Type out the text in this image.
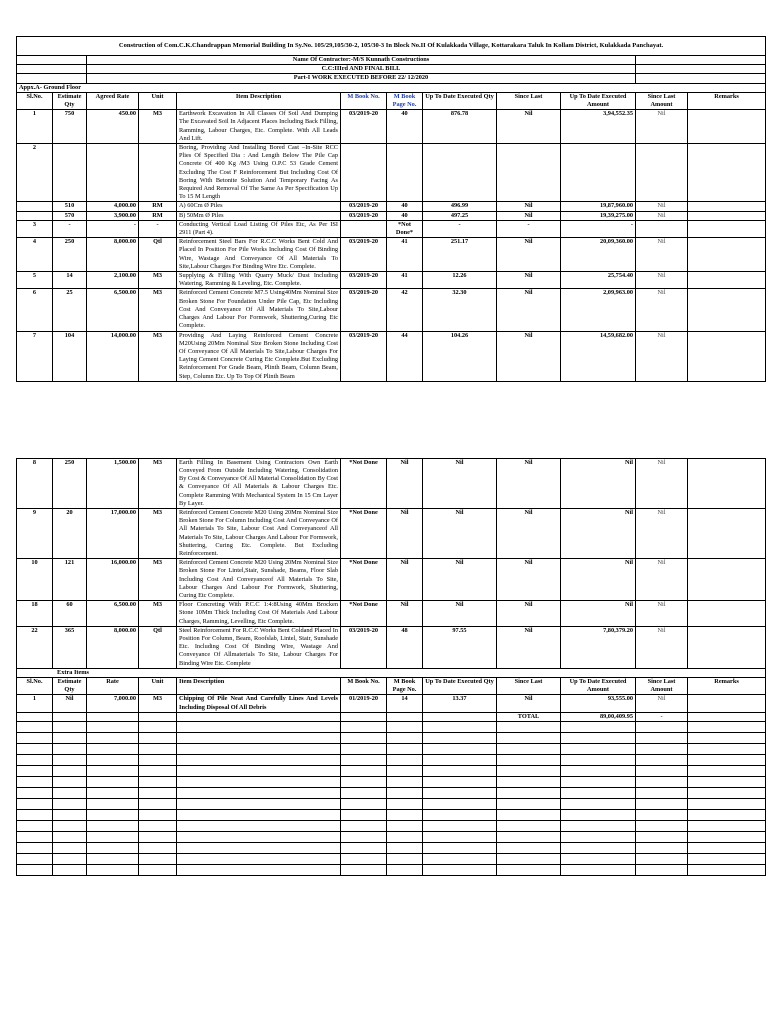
Construction of Com.C.K.Chandrappan Memorial Building In Sy.No. 105/29,105/30-2, 105/30-3 In Block No.II Of Kulakkada Village, Kottarakara Taluk In Kollam District, Kulakkada Panchayat.											
		Name Of Contractor:-M/S Kunnath Constructions									
		C.C:IIIrd AND FINAL BILL									
		Part-I WORK EXECUTED BEFORE 22/ 12/2020									
Appx.A- Ground Floor											
Sl.No.	Estimate Qty	Agreed Rate	Unit	Item Description	M Book No.	M Book Page No.	Up To Date Executed Qty	Since Last	Up To Date Executed Amount	Since Last Amount	Remarks
1	750	450.00	M3	Earthwork Excavation In All Classes Of Soil And Dumping The Excavated Soil In Adjacent Places Including Back Filling, Ramming, Labour Charges, Etc. Complete. With All Leads And Lift.	03/2019-20	40	876.78	Nil	3,94,552.35	Nil	
2				Boring, Providing And Installing Bored Cast –In-Site RCC Plies Of Specified Dia : And Length Below The Pile Cap Concrete Of 400 Kg /M3 Using O.P.C 53 Grade Cement Excluding The Cost F Reinforcement But Including Cost Of Boring With Betonite Solution And Temporary Facing As Required And Removal Of The Same As Per Specification Up To 15 M Length							
	510	4,000.00	RM	A) 60Cm Ø Piles	03/2019-20	40	496.99	Nil	19,87,960.00	Nil	
	570	3,900.00	RM	B) 50Mm Ø Piles	03/2019-20	40	497.25	Nil	19,39,275.00	Nil	
3	-	-	-	Conducting Vertical Load Listing Of Piles Etc, As Per ISI 2911 (Part 4).		*Not Done*	-	-	-		
4	250	8,000.00	Qtl	Reinforcement Steel Bars For R.C.C Works Bent Cold And Placed In Position For Pile Works Including Cost Of Binding Wire, Wastage And Conveyance Of All Materials To Site,Labour Charges For Binding Wire Etc. Complete.	03/2019-20	41	251.17	Nil	20,09,360.00	Nil	
5	14	2,100.00	M3	Supplying & Filling With Quarry Muck/ Dust Including Watering, Ramming & Leveling, Etc. Complete.	03/2019-20	41	12.26	Nil	25,754.40	Nil	
6	25	6,500.00	M3	Reinforced Cement Concrete M7.5 Using40Mm Nominal Size Broken Stone For Foundation Under Pile Cap, Etc Including Cost And Conveyance Of All Materials To Site,Labour Charges And Labour For Formwork, Shuttering,Curing Etc Complete.	03/2019-20	42	32.30	Nil	2,09,963.00	Nil	
7	104	14,000.00	M3	Providing And Laying Reinforced Cement Concrete M20Using 20Mm Nominal Size Broken Stone Including Cost Of Conveyance Of All Materials To Site,Labour Charges For Laying Cement Concrete Curing Etc Complete.But Excluding Reinforcement For Grade Beam, Plinth Beam, Column Beam, Step, Column Etc. Up To Top Of Plinth Beam	03/2019-20	44	104.26	Nil	14,59,682.00	Nil	

8	250	1,500.00	M3	Earth Filling In Basement Using Contractors Own Earth Conveyed From Outside Including Watering, Consolidation By Cost & Conveyance Of All Material Consolidation By Cost & Conveyance Of All Materials & Labour Charges Etc. Complete Ramming With Mechanical System In 15 Cm Layer By Layer.	*Not Done	Nil	Nil	Nil	Nil	Nil	
9	20	17,000.00	M3	Reinforced Cement Concrete M20 Using 20Mm Nominal Size Broken Stone For Column Including Cost And Conveyance Of All Materials To Site, Labour Cost And Conveyanceof All Materials To Site, Labour Charges And Labour For Formwork, Shuttering, Curing Etc. Complete. But Excluding Reinforcement.	*Not Done	Nil	Nil	Nil	Nil	Nil	
10	121	16,000.00	M3	Reinforced Cement Concrete M20 Using 20Mm Nominal Size Broken Stone For Lintel,Stair, Sunshade, Beams, Floor Slab Including Cost And Conveyanceof All Materials To Site, Labour Charges And Labour For Formwork, Shuttering, Curing Etc Complete.	*Not Done	Nil	Nil	Nil	Nil	Nil	
18	60	6,500.00	M3	Floor Concreting With P.C.C 1:4:8Using 40Mm Brocken Stone 10Mm Thick Including Cost Of Materials And Labour Charges, Ramming, Levelling, Etc Complete.	*Not Done	Nil	Nil	Nil	Nil	Nil	
22	365	8,000.00	Qtl	Steel Reinforcement For R.C.C Works Bent Coldand Placed In Position For Column, Beam, Roofslab, Lintel, Stair, Sunshade Etc. Including Cost Of Binding Wire, Wastage And Conveyance Of Allmaterials To Site, Labour Charges For Binding Wire Etc. Complete	03/2019-20	48	97.55	Nil	7,80,379.20	Nil	
Extra Items											
Sl.No.	Estimate Qty	Rate	Unit	Item Description	M Book No.	M Book Page No.	Up To Date Executed Qty	Since Last	Up To Date Executed Amount	Since Last Amount	Remarks
1	Nil	7,000.00	M3	Chipping Of Pile Neat And Carefully Lines And Levels Including Disposal Of All Debris	01/2019-20	14	13.37	Nil	93,555.00	Nil	
								TOTAL	89,00,409.95	-	
